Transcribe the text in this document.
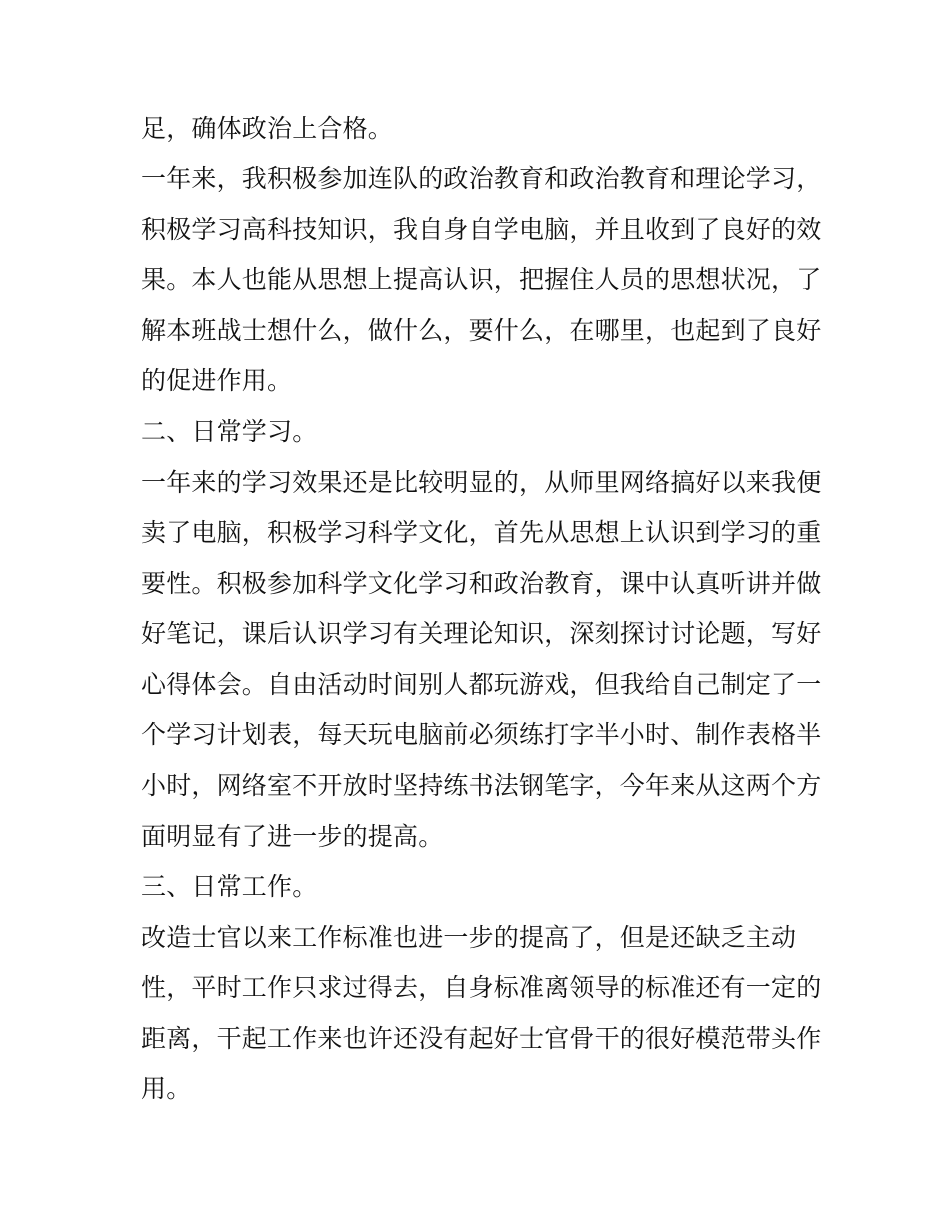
足，确体政治上合格。
一年来，我积极参加连队的政治教育和政治教育和理论学习，
积极学习高科技知识，我自身自学电脑，并且收到了良好的效
果。本人也能从思想上提高认识，把握住人员的思想状况，了
解本班战士想什么，做什么，要什么，在哪里，也起到了良好
的促进作用。
二、日常学习。
一年来的学习效果还是比较明显的，从师里网络搞好以来我便
卖了电脑，积极学习科学文化，首先从思想上认识到学习的重
要性。积极参加科学文化学习和政治教育，课中认真听讲并做
好笔记，课后认识学习有关理论知识，深刻探讨讨论题，写好
心得体会。自由活动时间别人都玩游戏，但我给自己制定了一
个学习计划表，每天玩电脑前必须练打字半小时、制作表格半
小时，网络室不开放时坚持练书法钢笔字，今年来从这两个方
面明显有了进一步的提高。
三、日常工作。
改造士官以来工作标准也进一步的提高了，但是还缺乏主动
性，平时工作只求过得去，自身标准离领导的标准还有一定的
距离，干起工作来也许还没有起好士官骨干的很好模范带头作
用。
